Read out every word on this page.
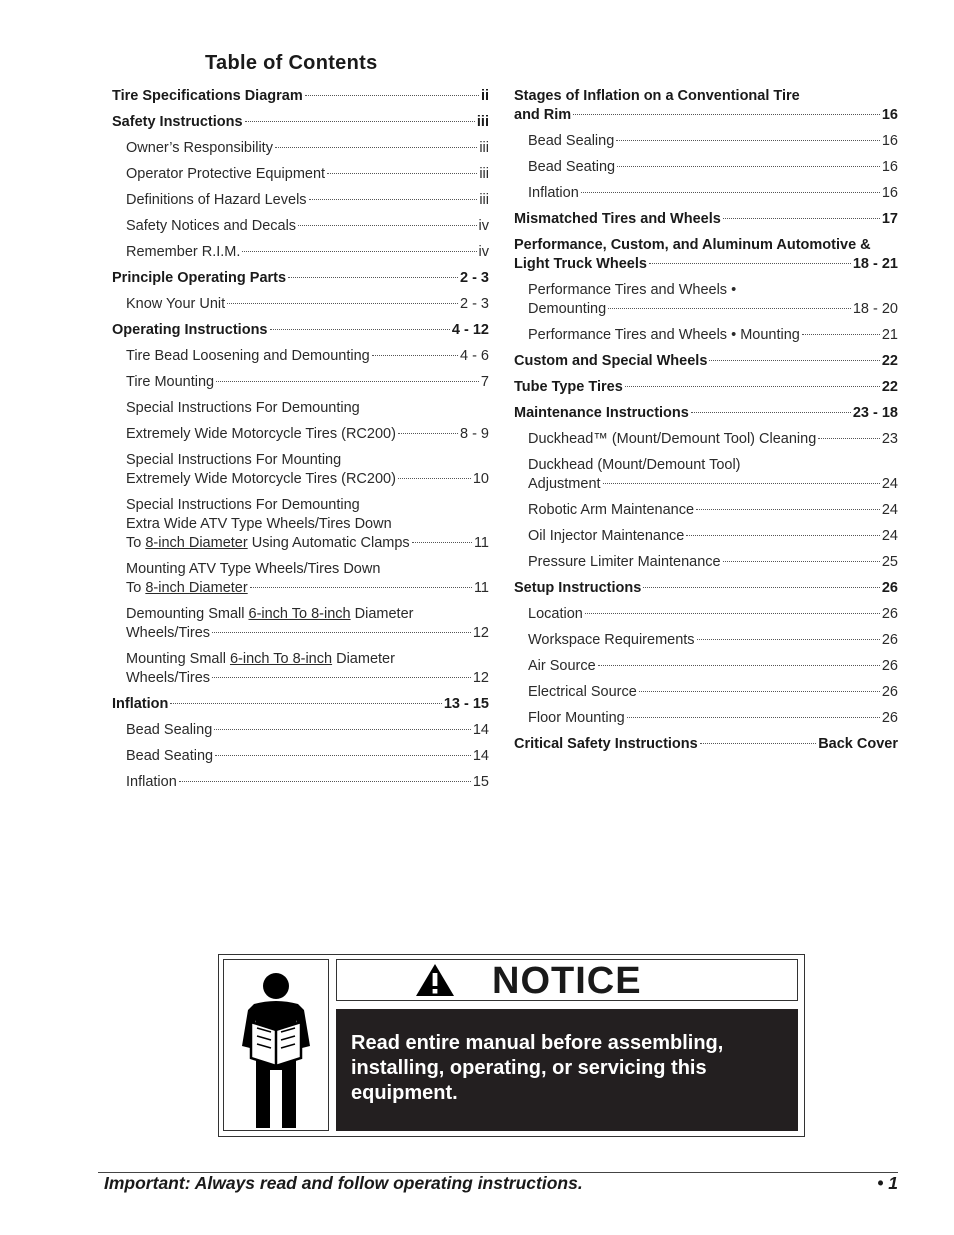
Table of Contents
Tire Specifications Diagram	ii
Safety Instructions	iii
Owner’s Responsibility	iii
Operator Protective Equipment	iii
Definitions of Hazard Levels	iii
Safety Notices and Decals	iv
Remember R.I.M.	iv
Principle Operating Parts	2 - 3
Know Your Unit	2 - 3
Operating Instructions	4 - 12
Tire Bead Loosening and Demounting	4 - 6
Tire Mounting	7
Special Instructions For Demounting
Extremely Wide Motorcycle Tires (RC200)	8 - 9
Special Instructions For Mounting
Extremely Wide Motorcycle Tires (RC200)	10
Special Instructions For Demounting
Extra Wide ATV Type Wheels/Tires Down
To 8-inch Diameter Using Automatic Clamps	11
Mounting ATV Type Wheels/Tires Down
To 8-inch Diameter	11
Demounting Small 6-inch To 8-inch Diameter
Wheels/Tires	12
Mounting Small 6-inch To 8-inch Diameter
Wheels/Tires	12
Inflation	13 - 15
Bead Sealing	14
Bead Seating	14
Inflation	15
Stages of Inflation on a Conventional Tire
and Rim	16
Bead Sealing	16
Bead Seating	16
Inflation	16
Mismatched Tires and Wheels	17
Performance, Custom, and Aluminum Automotive &
Light Truck Wheels	18 - 21
Performance Tires and Wheels •
Demounting	18 - 20
Performance Tires and Wheels • Mounting	21
Custom and Special Wheels	22
Tube Type Tires	22
Maintenance Instructions	23 - 18
Duckhead™ (Mount/Demount Tool) Cleaning	23
Duckhead (Mount/Demount Tool)
Adjustment	24
Robotic Arm Maintenance	24
Oil Injector Maintenance	24
Pressure Limiter Maintenance	25
Setup Instructions	26
Location	26
Workspace Requirements	26
Air Source	26
Electrical Source	26
Floor Mounting	26
Critical Safety Instructions	Back Cover
NOTICE
Read entire manual before assembling, installing, operating, or servicing this equipment.
Important: Always read and follow operating instructions.	• 1
